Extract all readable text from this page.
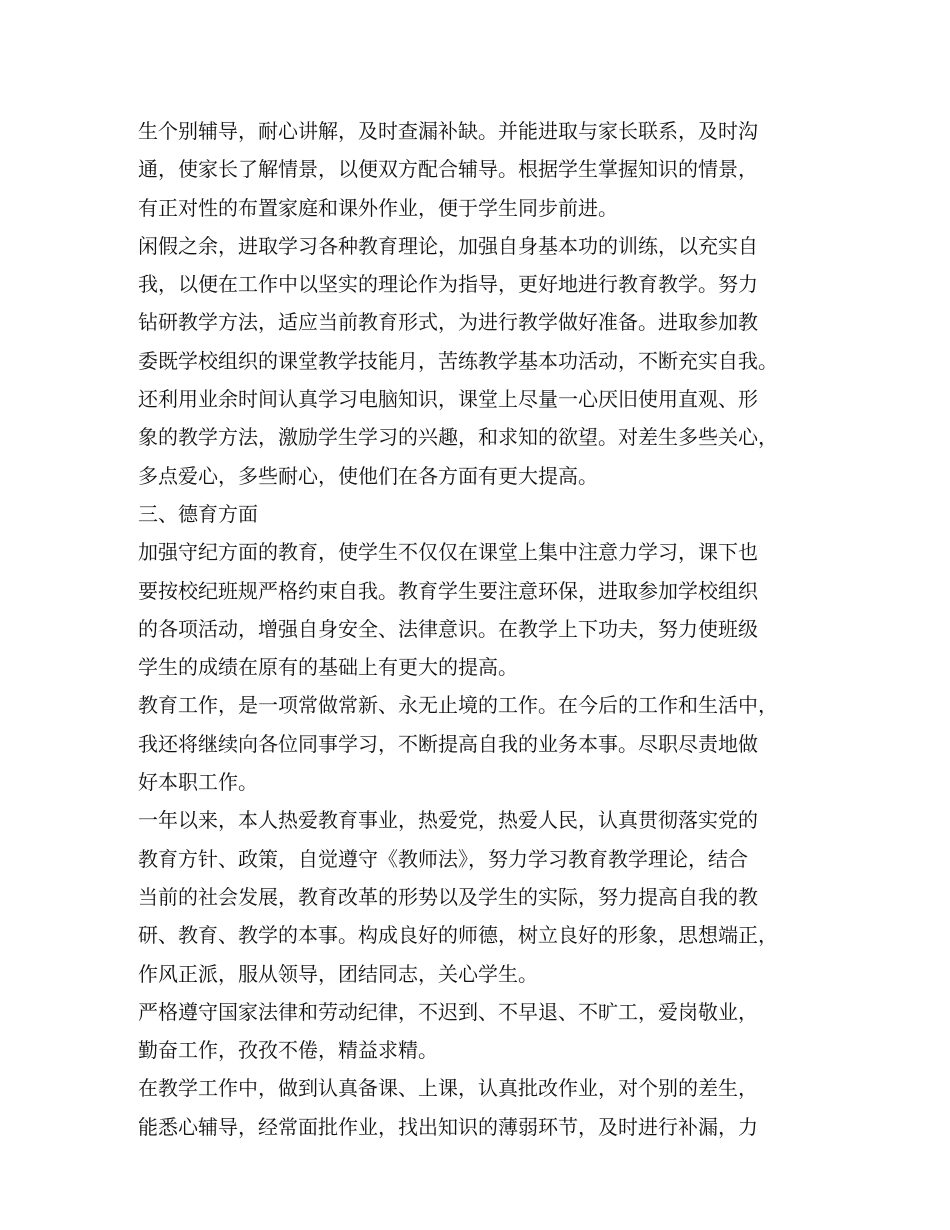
生个别辅导，耐心讲解，及时查漏补缺。并能进取与家长联系，及时沟
通，使家长了解情景，以便双方配合辅导。根据学生掌握知识的情景，
有正对性的布置家庭和课外作业，便于学生同步前进。
闲假之余，进取学习各种教育理论，加强自身基本功的训练，以充实自
我，以便在工作中以坚实的理论作为指导，更好地进行教育教学。努力
钻研教学方法，适应当前教育形式，为进行教学做好准备。进取参加教
委既学校组织的课堂教学技能月，苦练教学基本功活动，不断充实自我。
还利用业余时间认真学习电脑知识，课堂上尽量一心厌旧使用直观、形
象的教学方法，激励学生学习的兴趣，和求知的欲望。对差生多些关心，
多点爱心，多些耐心，使他们在各方面有更大提高。
三、德育方面
加强守纪方面的教育，使学生不仅仅在课堂上集中注意力学习，课下也
要按校纪班规严格约束自我。教育学生要注意环保，进取参加学校组织
的各项活动，增强自身安全、法律意识。在教学上下功夫，努力使班级
学生的成绩在原有的基础上有更大的提高。
教育工作，是一项常做常新、永无止境的工作。在今后的工作和生活中，
我还将继续向各位同事学习，不断提高自我的业务本事。尽职尽责地做
好本职工作。
一年以来，本人热爱教育事业，热爱党，热爱人民，认真贯彻落实党的
教育方针、政策，自觉遵守《教师法》，努力学习教育教学理论，结合
当前的社会发展，教育改革的形势以及学生的实际，努力提高自我的教
研、教育、教学的本事。构成良好的师德，树立良好的形象，思想端正，
作风正派，服从领导，团结同志，关心学生。
严格遵守国家法律和劳动纪律，不迟到、不早退、不旷工，爱岗敬业，
勤奋工作，孜孜不倦，精益求精。
在教学工作中，做到认真备课、上课，认真批改作业，对个别的差生，
能悉心辅导，经常面批作业，找出知识的薄弱环节，及时进行补漏，力
